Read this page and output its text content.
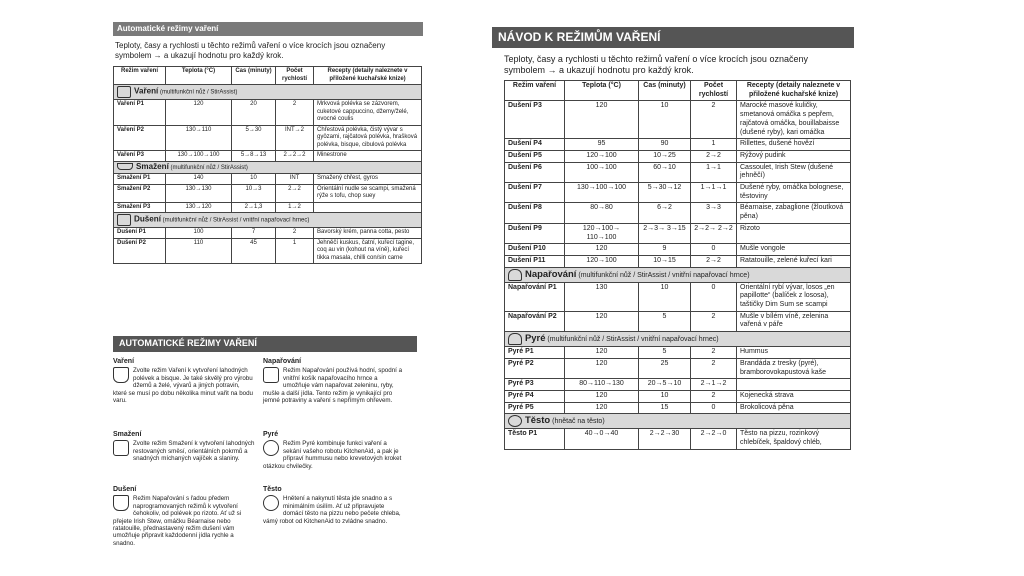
Automatické režimy vaření
Teploty, časy a rychlosti u těchto režimů vaření o více krocích jsou označeny symbolem → a ukazují hodnotu pro každý krok.
Režim vaření	Teplota (°C)	Čas (minuty)	Počet rychlostí	Recepty (detaily naleznete v přiložené kuchařské knize)
Vaření (multifunkční nůž / StirAssist)				
Vaření P1	120	20	2	Mrkvová polévka se zázvorem, cuketové cappuccino, džemy/želé, ovocné coulis
Vaření P2	130→110	5→30	INT→2	Chřestová polévka, čistý vývar s gyözami, rajčatová polévka, hrašková polévka, bisque, cibulová polévka
Vaření P3	130→100→100	5→8→13	2→2→2	Minestrone
Smažení (multifunkční nůž / StirAssist)				
Smažení P1	140	10	INT	Smažený chřest, gyros
Smažení P2	130→130	10→3	2→2	Orientální nudle se scampi, smažená rýže s tofu, chop suey
Smažení P3	130→120	2→1,3	1→2	
Dušení (multifunkční nůž / StirAssist / vnitřní napařovací hrnec)				
Dušení P1	100	7	2	Bavorský krém, panna cotta, pesto
Dušení P2	110	45	1	Jehněčí kuskus, čatní, kuřecí tagine, coq au vin (kohout na víně), kuřecí tikka masala, chilli con/sin carne
AUTOMATICKÉ REŽIMY VAŘENÍ
Vaření
Zvolte režim Vaření k vytvoření lahodných polévek a bisque. Je také skvělý pro výrobu džemů a želé, vývarů a jiných potravin, které se musí po dobu několika minut vařit na bodu varu.
Napařování
Režim Napařování používá hodní, spodní a vnitřní košík napařovacího hrnce a umožňuje vám napařovat zeleninu, ryby, mušle a další jídla. Tento režim je vynikající pro jemné potraviny a vaření s nepřímým ohřevem.
Smažení
Zvolte režim Smažení k vytvoření lahodných restovaných směsí, orientálních pokrmů a snadných míchaných vajíček a slaniny.
Pyré
Režim Pyré kombinuje funkci vaření a sekání vašeho robotu KitchenAid, a pak je připraví hummusu nebo krevetových kroket otázkou chvilečky.
Dušení
Režim Napařování s řadou předem naprogramovaných režimů k vytvoření čehokoliv, od polévek po rizoto. Ať už si přejete Irish Stew, omáčku Béarnaise nebo ratatouille, přednastavený režim dušení vám umožňuje připravit každodenní jídla rychle a snadno.
Těsto
Hnětení a nakynutí těsta jde snadno a s minimálním úsilím. Ať už připravujete domácí těsto na pizzu nebo pečete chleba, vámý robot od KitchenAid to zvládne snadno.
NÁVOD K REŽIMŮM VAŘENÍ
Teploty, časy a rychlosti u těchto režimů vaření o více krocích jsou označeny symbolem → a ukazují hodnotu pro každý krok.
Režim vaření	Teplota (°C)	Čas (minuty)	Počet rychlostí	Recepty (detaily naleznete v přiložené kuchařské knize)
Dušení P3	120	10	2	Marocké masové kuličky, smetanová omáčka s pepřem, rajčatová omáčka, bouillabaisse (dušené ryby), kari omáčka
Dušení P4	95	90	1	Rillettes, dušené hovězí
Dušení P5	120→100	10→25	2→2	Rýžový pudink
Dušení P6	100→100	60→10	1→1	Cassoulet, Irish Stew (dušené jehněčí)
Dušení P7	130→100→100	5→30→12	1→1→1	Dušené ryby, omáčka bolognese, těstoviny
Dušení P8	80→80	6→2	3→3	Béarnaise, zabaglione (žloutková pěna)
Dušení P9	120→100→ 110→100	2→3→ 3→15	2→2→ 2→2	Rizoto
Dušení P10	120	9	0	Mušle vongole
Dušení P11	120→100	10→15	2→2	Ratatouille, zelené kuřecí kari
Napařování (multifunkční nůž / StirAssist / vnitřní napařovací hrnce)				
Napařování P1	130	10	0	Orientální rybí vývar, losos „en papillotte“ (balíček z lososa), taštičky Dim Sum se scampi
Napařování P2	120	5	2	Mušle v bílém víně, zelenina vařená v páře
Pyré (multifunkční nůž / StirAssist / vnitřní napařovací hrnec)				
Pyré P1	120	5	2	Hummus
Pyré P2	120	25	2	Brandáda z tresky (pyré), bramborovokapustová kaše
Pyré P3	80→110→130	20→5→10	2→1→2	
Pyré P4	120	10	2	Kojenecká strava
Pyré P5	120	15	0	Brokolicová pěna
Těsto (hnětač na těsto)				
Těsto P1	40→0→40	2→2→30	2→2→0	Těsto na pizzu, rozinkový chlebíček, špaldový chléb,
